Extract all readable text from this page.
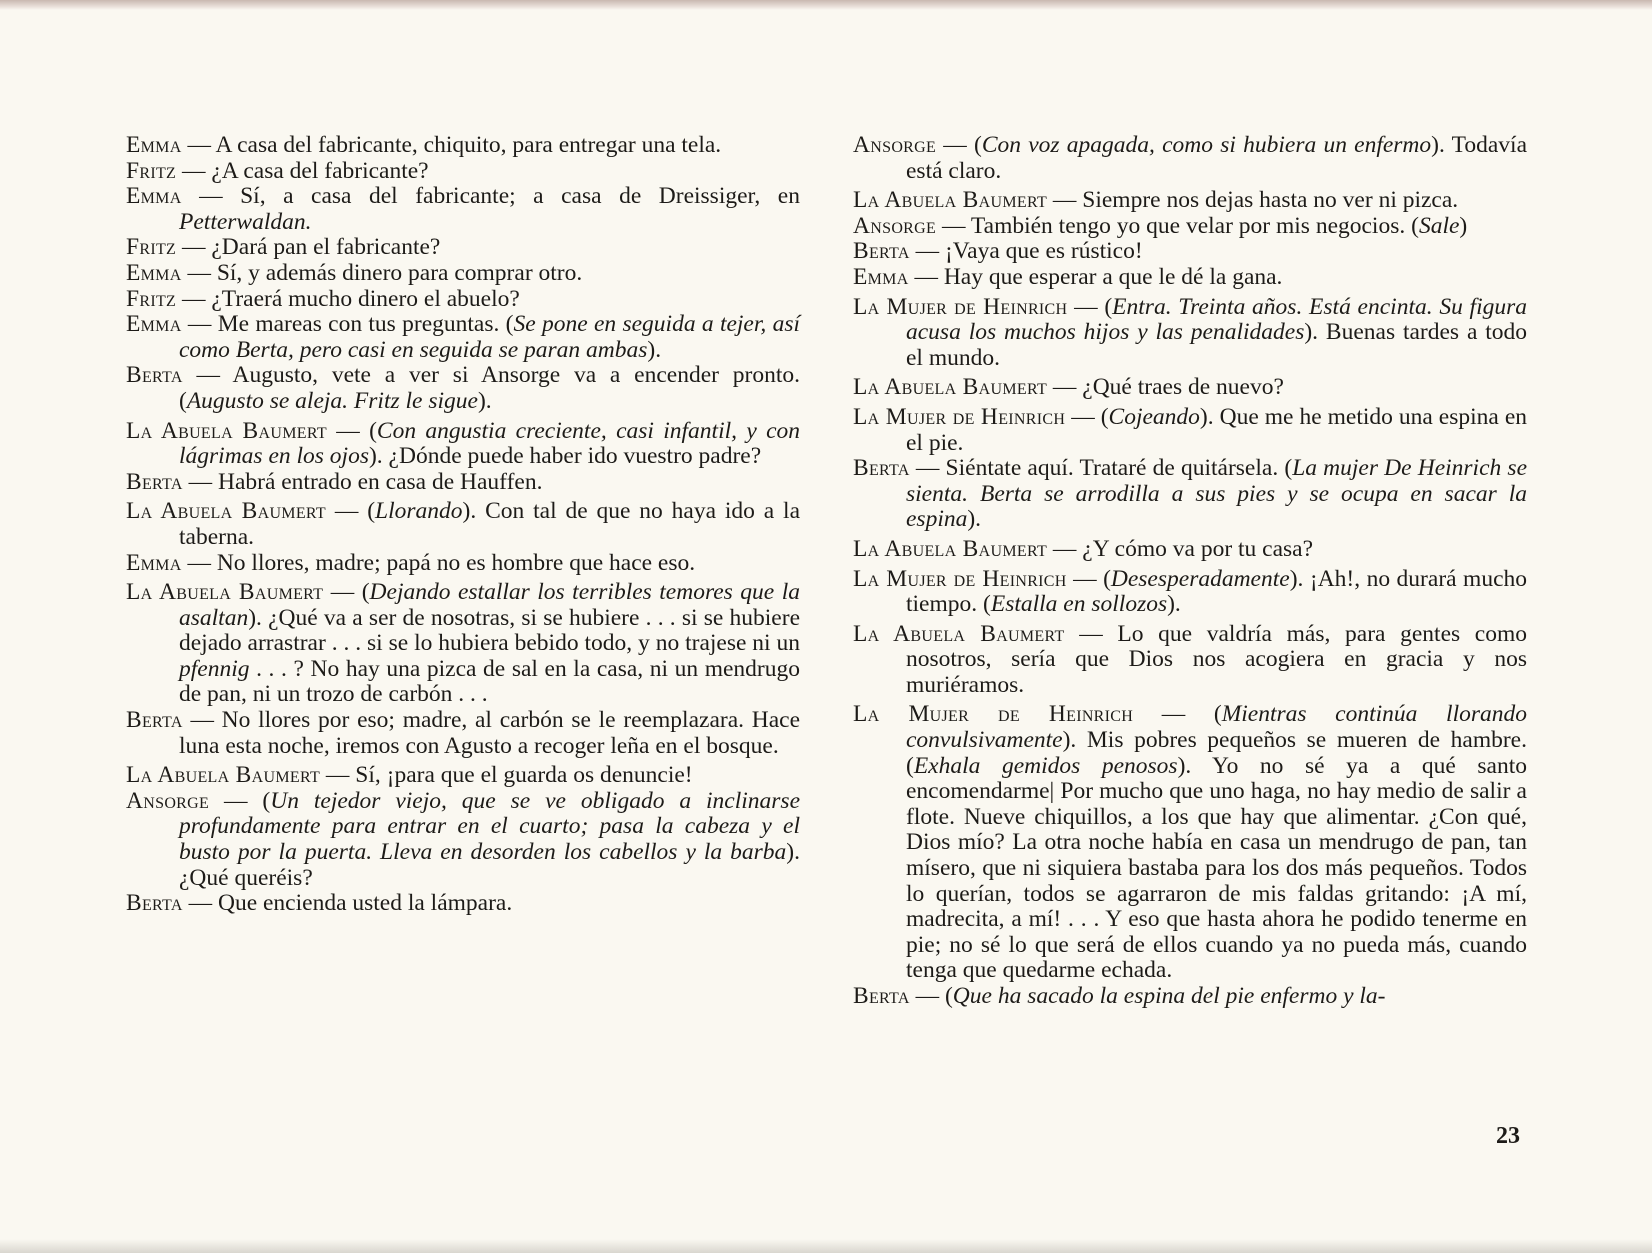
Emma — A casa del fabricante, chiquito, para entregar una tela.

Fritz — ¿A casa del fabricante?

Emma — Sí, a casa del fabricante; a casa de Dreissiger, en Petterwaldan.

Fritz — ¿Dará pan el fabricante?

Emma — Sí, y además dinero para comprar otro.

Fritz — ¿Traerá mucho dinero el abuelo?

Emma — Me mareas con tus preguntas. (Se pone en seguida a tejer, así como Berta, pero casi en seguida se paran ambas).

Berta — Augusto, vete a ver si Ansorge va a encender pronto. (Augusto se aleja. Fritz le sigue).

La Abuela Baumert — (Con angustia creciente, casi infantil, y con lágrimas en los ojos). ¿Dónde puede haber ido vuestro padre?

Berta — Habrá entrado en casa de Hauffen.

La Abuela Baumert — (Llorando). Con tal de que no haya ido a la taberna.

Emma — No llores, madre; papá no es hombre que hace eso.

La Abuela Baumert — (Dejando estallar los terribles temores que la asaltan). ¿Qué va a ser de nosotras, si se hubiere . . . si se hubiere dejado arrastrar . . . si se lo hubiera bebido todo, y no trajese ni un pfennig . . . ? No hay una pizca de sal en la casa, ni un mendrugo de pan, ni un trozo de carbón . . .

Berta — No llores por eso; madre, al carbón se le reemplazara. Hace luna esta noche, iremos con Agusto a recoger leña en el bosque.

La Abuela Baumert — Sí, ¡para que el guarda os denuncie!

Ansorge — (Un tejedor viejo, que se ve obligado a inclinarse profundamente para entrar en el cuarto; pasa la cabeza y el busto por la puerta. Lleva en desorden los cabellos y la barba). ¿Qué queréis?

Berta — Que encienda usted la lámpara.

Ansorge — (Con voz apagada, como si hubiera un enfermo). Todavía está claro.

La Abuela Baumert — Siempre nos dejas hasta no ver ni pizca.

Ansorge — También tengo yo que velar por mis negocios. (Sale)

Berta — ¡Vaya que es rústico!

Emma — Hay que esperar a que le dé la gana.

La Mujer de Heinrich — (Entra. Treinta años. Está encinta. Su figura acusa los muchos hijos y las penalidades). Buenas tardes a todo el mundo.

La Abuela Baumert — ¿Qué traes de nuevo?

La Mujer de Heinrich — (Cojeando). Que me he metido una espina en el pie.

Berta — Siéntate aquí. Trataré de quitársela. (La mujer De Heinrich se sienta. Berta se arrodilla a sus pies y se ocupa en sacar la espina).

La Abuela Baumert — ¿Y cómo va por tu casa?

La Mujer de Heinrich — (Desesperadamente). ¡Ah!, no durará mucho tiempo. (Estalla en sollozos).

La Abuela Baumert — Lo que valdría más, para gentes como nosotros, sería que Dios nos acogiera en gracia y nos muriéramos.

La Mujer de Heinrich — (Mientras continúa llorando convulsivamente). Mis pobres pequeños se mueren de hambre. (Exhala gemidos penosos). Yo no sé ya a qué santo encomendarme| Por mucho que uno haga, no hay medio de salir a flote. Nueve chiquillos, a los que hay que alimentar. ¿Con qué, Dios mío? La otra noche había en casa un mendrugo de pan, tan mísero, que ni siquiera bastaba para los dos más pequeños. Todos lo querían, todos se agarraron de mis faldas gritando: ¡A mí, madrecita, a mí! . . . Y eso que hasta ahora he podido tenerme en pie; no sé lo que será de ellos cuando ya no pueda más, cuando tenga que quedarme echada.

Berta — (Que ha sacado la espina del pie enfermo y la-

23
